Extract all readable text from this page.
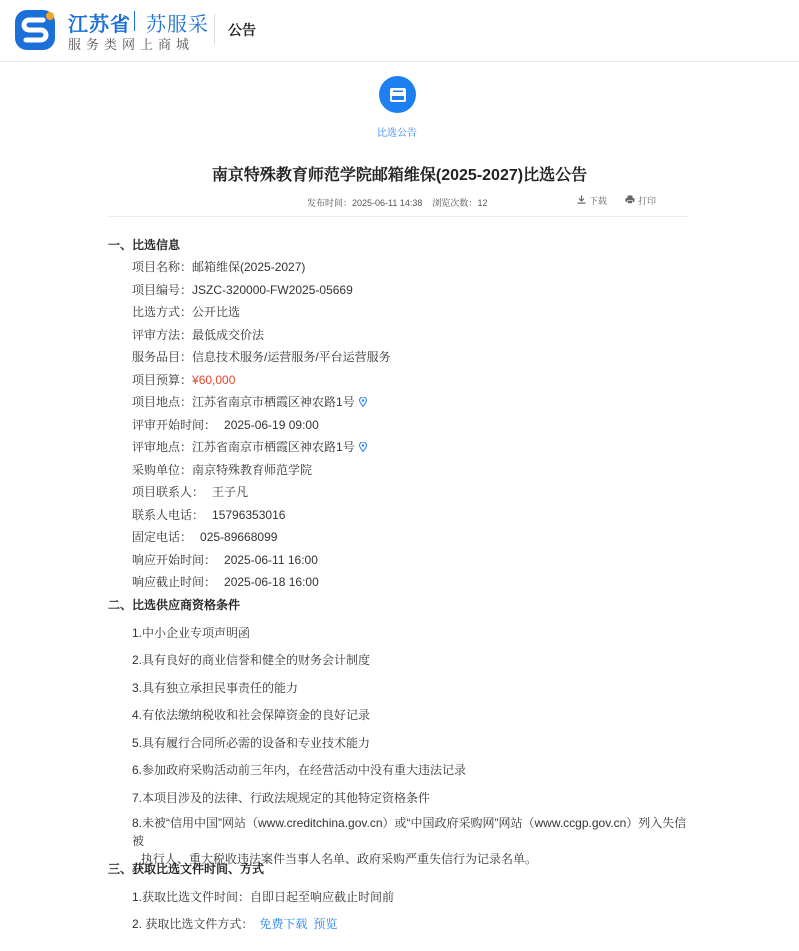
江苏省 苏服采
服务类网上商城
公告
比选公告
南京特殊教育师范学院邮箱维保(2025-2027)比选公告
发布时间：2025-06-11 14:38 浏览次数：12	下载	打印
一、比选信息
项目名称： 邮箱维保(2025-2027)
项目编号： JSZC-320000-FW2025-05669
比选方式： 公开比选
评审方法： 最低成交价法
服务品目： 信息技术服务/运营服务/平台运营服务
项目预算： ¥60,000
项目地点： 江苏省南京市栖霞区神农路1号
评审开始时间： 2025-06-19 09:00
评审地点： 江苏省南京市栖霞区神农路1号
采购单位： 南京特殊教育师范学院
项目联系人： 王子凡
联系人电话： 15796353016
固定电话： 025-89668099
响应开始时间： 2025-06-11 16:00
响应截止时间： 2025-06-18 16:00
二、比选供应商资格条件
1.中小企业专项声明函
2.具有良好的商业信誉和健全的财务会计制度
3.具有独立承担民事责任的能力
4.有依法缴纳税收和社会保障资金的良好记录
5.具有履行合同所必需的设备和专业技术能力
6.参加政府采购活动前三年内，在经营活动中没有重大违法记录
7.本项目涉及的法律、行政法规规定的其他特定资格条件
8.未被“信用中国”网站（www.creditchina.gov.cn）或“中国政府采购网”网站（www.ccgp.gov.cn）列入失信被
执行人、重大税收违法案件当事人名单、政府采购严重失信行为记录名单。
三、获取比选文件时间、方式
1.获取比选文件时间：自即日起至响应截止时间前
2. 获取比选文件方式： 免费下载 预览
